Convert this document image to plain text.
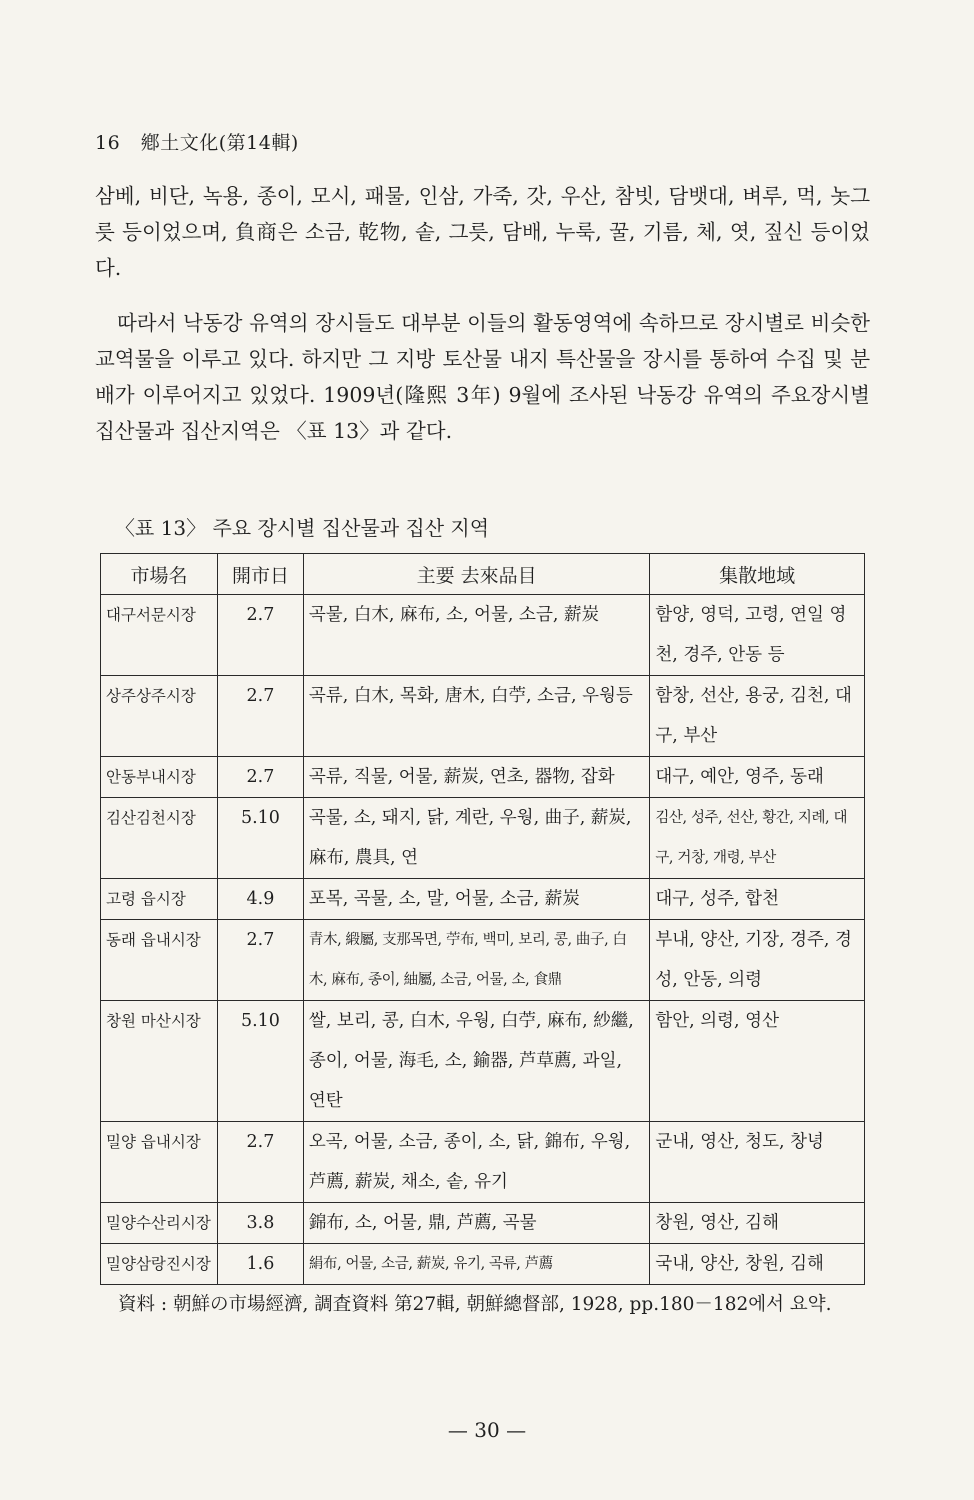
16 鄕土文化(第14輯)
삼베, 비단, 녹용, 종이, 모시, 패물, 인삼, 가죽, 갓, 우산, 참빗, 담뱃대, 벼루, 먹, 놋그릇 등이었으며, 負商은 소금, 乾物, 솥, 그릇, 담배, 누룩, 꿀, 기름, 체, 엿, 짚신 등이었다.
따라서 낙동강 유역의 장시들도 대부분 이들의 활동영역에 속하므로 장시별로 비슷한 교역물을 이루고 있다. 하지만 그 지방 토산물 내지 특산물을 장시를 통하여 수집 및 분배가 이루어지고 있었다. 1909년(隆熙 3年) 9월에 조사된 낙동강 유역의 주요장시별 집산물과 집산지역은 〈표 13〉과 같다.
〈표 13〉 주요 장시별 집산물과 집산 지역
市場名	開市日	主要 去來品目	集散地域
대구서문시장	2.7	곡물, 白木, 麻布, 소, 어물, 소금, 薪炭	함양, 영덕, 고령, 연일 영천, 경주, 안동 등
상주상주시장	2.7	곡류, 白木, 목화, 唐木, 白苧, 소금, 우웡등	함창, 선산, 용궁, 김천, 대구, 부산
안동부내시장	2.7	곡류, 직물, 어물, 薪炭, 연초, 器物, 잡화	대구, 예안, 영주, 동래
김산김천시장	5.10	곡물, 소, 돼지, 닭, 계란, 우웡, 曲子, 薪炭, 麻布, 農具, 연	김산, 성주, 선산, 황간, 지례, 대구, 거창, 개령, 부산
고령 읍시장	4.9	포목, 곡물, 소, 말, 어물, 소금, 薪炭	대구, 성주, 합천
동래 읍내시장	2.7	青木, 緞屬, 支那목면, 苧布, 백미, 보리, 콩, 曲子, 白木, 麻布, 종이, 紬屬, 소금, 어물, 소, 食鼎	부내, 양산, 기장, 경주, 경성, 안동, 의령
창원 마산시장	5.10	쌀, 보리, 콩, 白木, 우웡, 白苧, 麻布, 紗繼, 종이, 어물, 海毛, 소, 鍮器, 芦草薦, 과일, 연탄	함안, 의령, 영산
밀양 읍내시장	2.7	오곡, 어물, 소금, 종이, 소, 닭, 錦布, 우웡, 芦薦, 薪炭, 채소, 솥, 유기	군내, 영산, 청도, 창녕
밀양수산리시장	3.8	錦布, 소, 어물, 鼎, 芦薦, 곡물	창원, 영산, 김해
밀양삼랑진시장	1.6	絹布, 어물, 소금, 薪炭, 유기, 곡류, 芦薦	국내, 양산, 창원, 김해
資料 : 朝鮮の市場經濟, 調査資料 第27輯, 朝鮮總督部, 1928, pp.180－182에서 요약.
— 30 —
